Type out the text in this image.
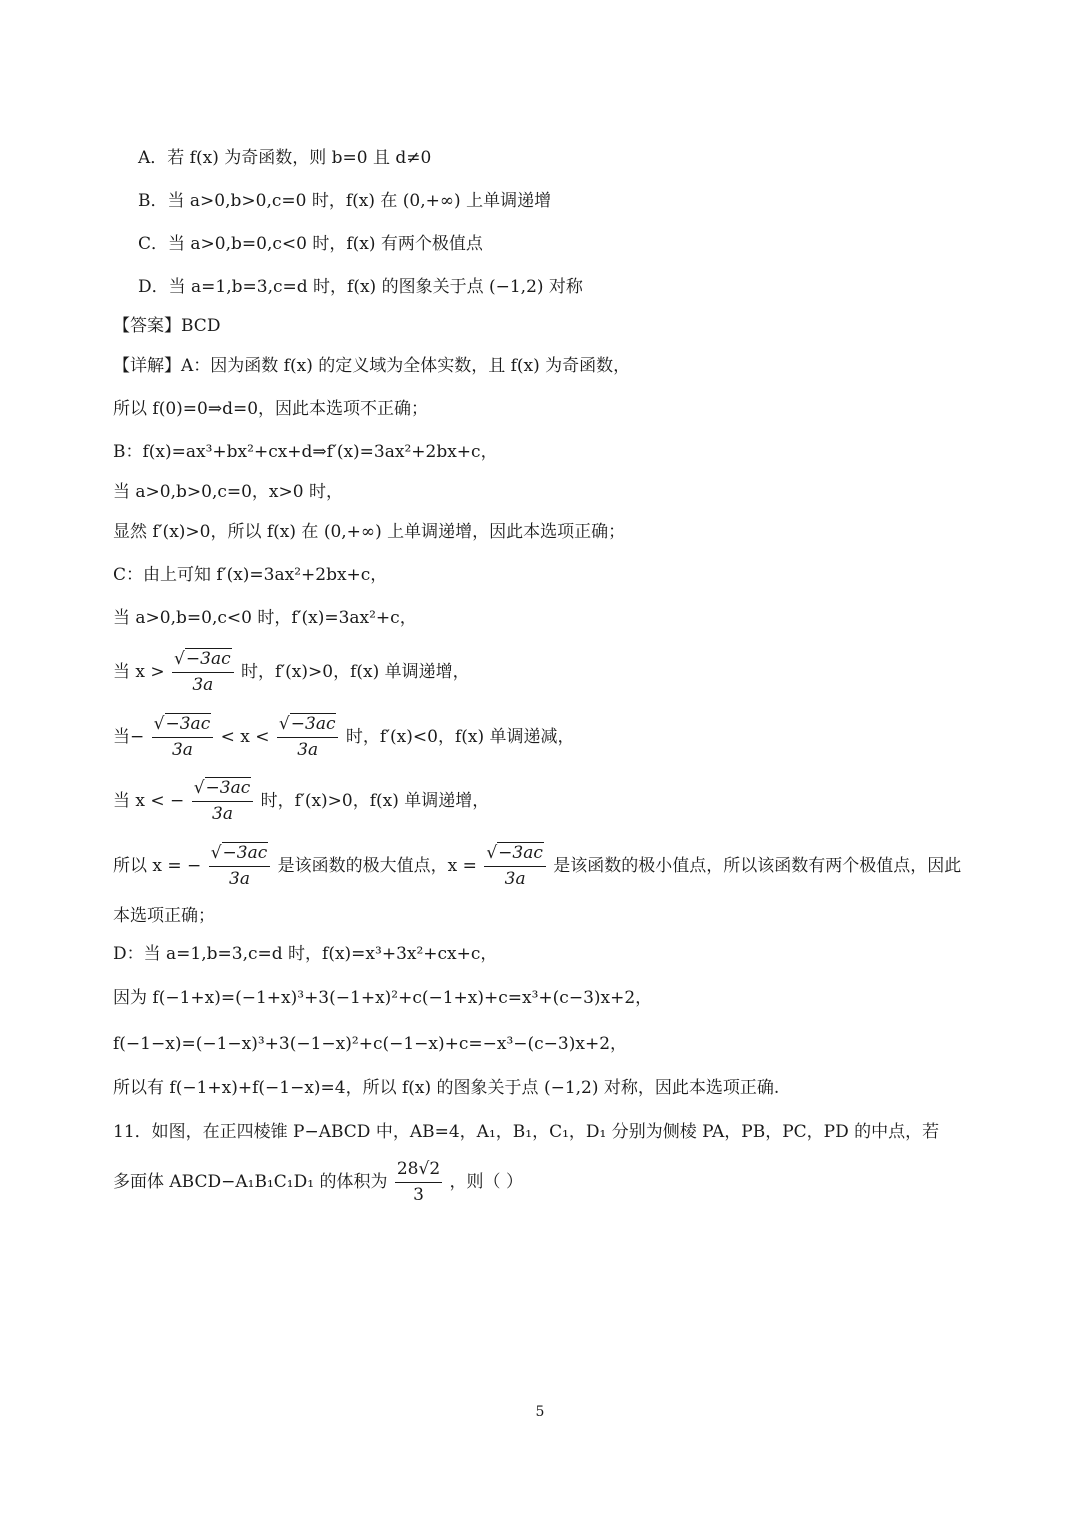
A．若 f(x) 为奇函数，则 b=0 且 d≠0
B．当 a>0,b>0,c=0 时，f(x) 在 (0,+∞) 上单调递增
C．当 a>0,b=0,c<0 时，f(x) 有两个极值点
D．当 a=1,b=3,c=d 时，f(x) 的图象关于点 (−1,2) 对称
【答案】BCD
【详解】A：因为函数 f(x) 的定义域为全体实数，且 f(x) 为奇函数，
所以 f(0)=0⇒d=0，因此本选项不正确；
B：f(x)=ax³+bx²+cx+d⇒f′(x)=3ax²+2bx+c，
当 a>0,b>0,c=0，x>0 时，
显然 f′(x)>0，所以 f(x) 在 (0,+∞) 上单调递增，因此本选项正确；
C：由上可知 f′(x)=3ax²+2bx+c，
当 a>0,b=0,c<0 时，f′(x)=3ax²+c，
当 $x > \frac{√-3ac}{3a}$ 时，f′(x)>0，f(x) 单调递增，
当− $\frac{√-3ac}{3a} < x < \frac{√-3ac}{3a}$ 时，f′(x)<0，f(x) 单调递减，
当 x < − $\frac{√-3ac}{3a}$ 时，f′(x)>0，f(x) 单调递增，
所以 x = − $\frac{√-3ac}{3a}$ 是该函数的极大值点，$x = \frac{√-3ac}{3a}$ 是该函数的极小值点，所以该函数有两个极值点，因此
本选项正确；
D：当 a=1,b=3,c=d 时，f(x)=x³+3x²+cx+c，
因为 f(−1+x)=(−1+x)³+3(−1+x)²+c(−1+x)+c=x³+(c−3)x+2，
f(−1−x)=(−1−x)³+3(−1−x)²+c(−1−x)+c=−x³−(c−3)x+2，
所以有 f(−1+x)+f(−1−x)=4，所以 f(x) 的图象关于点 (−1,2) 对称，因此本选项正确.
11．如图，在正四棱锥 P−ABCD 中，AB=4，A₁，B₁，C₁，D₁ 分别为侧棱 PA，PB，PC，PD 的中点，若
多面体 ABCD−A₁B₁C₁D₁ 的体积为 $\frac{28√2}{3}$ ，则（ ）
5
